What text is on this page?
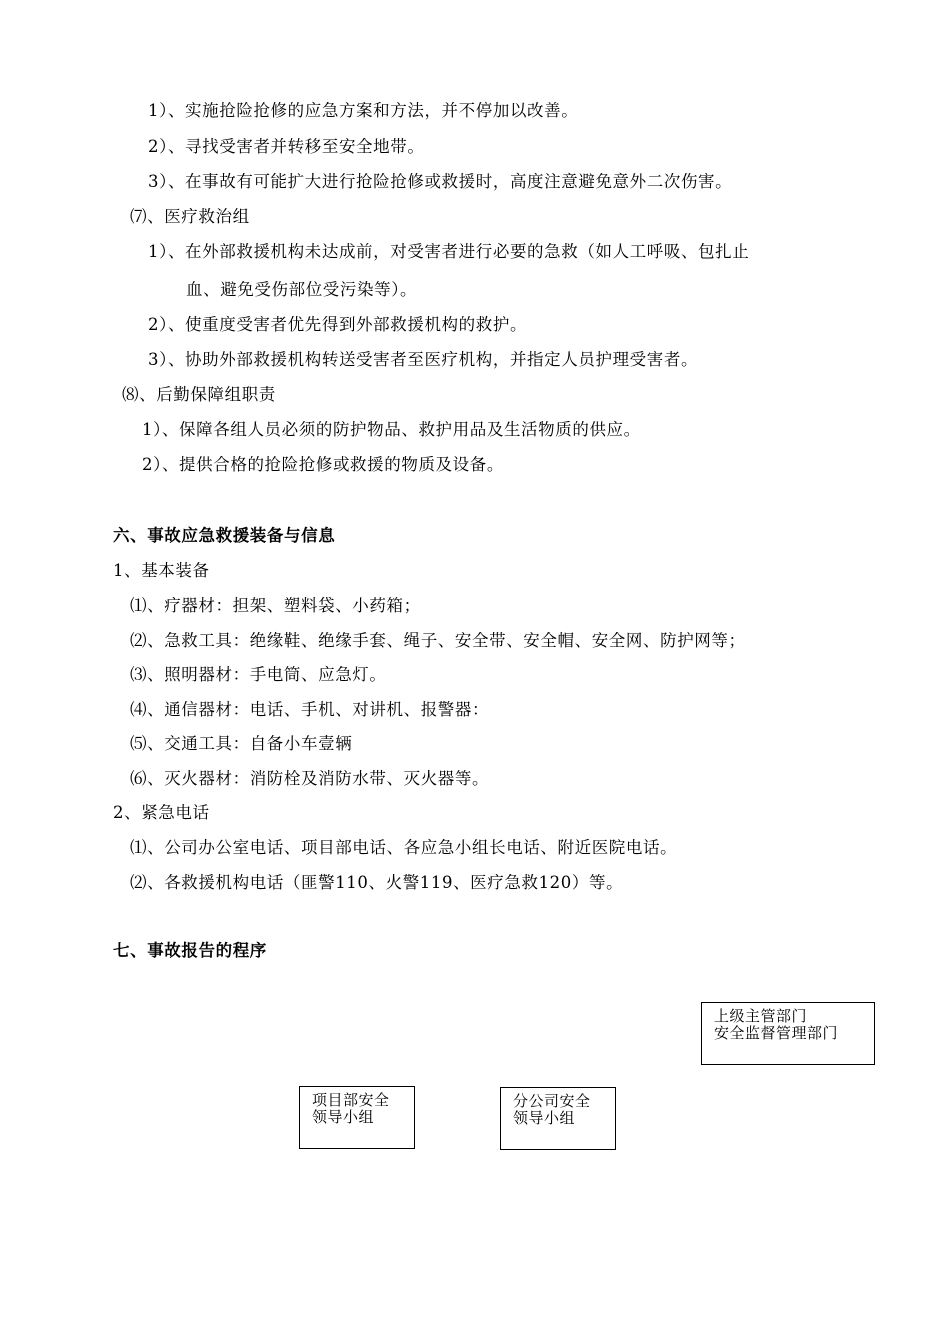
1）、实施抢险抢修的应急方案和方法，并不停加以改善。
2）、寻找受害者并转移至安全地带。
3）、在事故有可能扩大进行抢险抢修或救援时，高度注意避免意外二次伤害。
⑺、医疗救治组
1）、在外部救援机构未达成前，对受害者进行必要的急救（如人工呼吸、包扎止
血、避免受伤部位受污染等）。
2）、使重度受害者优先得到外部救援机构的救护。
3）、协助外部救援机构转送受害者至医疗机构，并指定人员护理受害者。
⑻、后勤保障组职责
1）、保障各组人员必须的防护物品、救护用品及生活物质的供应。
2）、提供合格的抢险抢修或救援的物质及设备。
六、事故应急救援装备与信息
1、基本装备
⑴、疗器材：担架、塑料袋、小药箱；
⑵、急救工具：绝缘鞋、绝缘手套、绳子、安全带、安全帽、安全网、防护网等；
⑶、照明器材：手电筒、应急灯。
⑷、通信器材：电话、手机、对讲机、报警器：
⑸、交通工具：自备小车壹辆
⑹、灭火器材：消防栓及消防水带、灭火器等。
2、紧急电话
⑴、公司办公室电话、项目部电话、各应急小组长电话、附近医院电话。
⑵、各救援机构电话（匪警110、火警119、医疗急救120）等。
七、事故报告的程序
上级主管部门
安全监督管理部门
项目部安全
领导小组
分公司安全
领导小组
